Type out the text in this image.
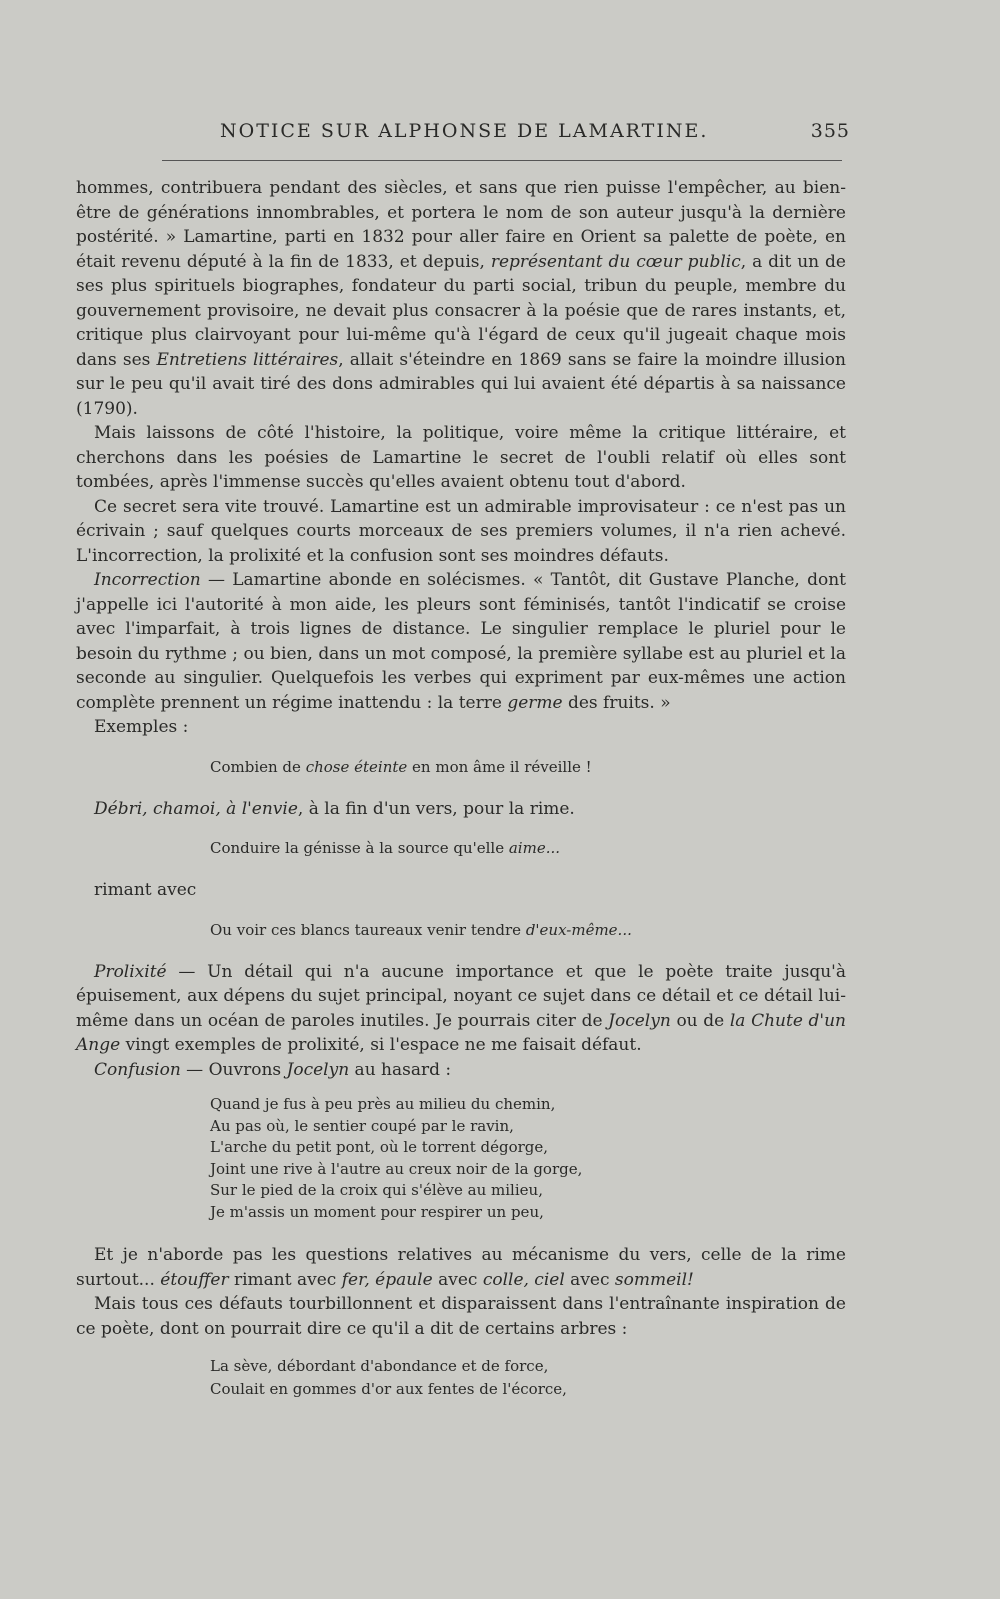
NOTICE SUR ALPHONSE DE LAMARTINE.	355

hommes, contribuera pendant des siècles, et sans que rien puisse l'empêcher, au bien-être de générations innombrables, et portera le nom de son auteur jusqu'à la dernière postérité. » Lamartine, parti en 1832 pour aller faire en Orient sa palette de poète, en était revenu député à la fin de 1833, et depuis, représentant du cœur public, a dit un de ses plus spirituels biographes, fondateur du parti social, tribun du peuple, membre du gouvernement provisoire, ne devait plus consacrer à la poésie que de rares instants, et, critique plus clairvoyant pour lui-même qu'à l'égard de ceux qu'il jugeait chaque mois dans ses Entretiens littéraires, allait s'éteindre en 1869 sans se faire la moindre illusion sur le peu qu'il avait tiré des dons admirables qui lui avaient été départis à sa naissance (1790).

Mais laissons de côté l'histoire, la politique, voire même la critique littéraire, et cherchons dans les poésies de Lamartine le secret de l'oubli relatif où elles sont tombées, après l'immense succès qu'elles avaient obtenu tout d'abord.

Ce secret sera vite trouvé. Lamartine est un admirable improvisateur : ce n'est pas un écrivain ; sauf quelques courts morceaux de ses premiers volumes, il n'a rien achevé. L'incorrection, la prolixité et la confusion sont ses moindres défauts.

Incorrection — Lamartine abonde en solécismes. « Tantôt, dit Gustave Planche, dont j'appelle ici l'autorité à mon aide, les pleurs sont féminisés, tantôt l'indicatif se croise avec l'imparfait, à trois lignes de distance. Le singulier remplace le pluriel pour le besoin du rythme ; ou bien, dans un mot composé, la première syllabe est au pluriel et la seconde au singulier. Quelquefois les verbes qui expriment par eux-mêmes une action complète prennent un régime inattendu : la terre germe des fruits. »

Exemples :

Combien de chose éteinte en mon âme il réveille !

Débri, chamoi, à l'envie, à la fin d'un vers, pour la rime.

Conduire la génisse à la source qu'elle aime...

rimant avec

Ou voir ces blancs taureaux venir tendre d'eux-même...

Prolixité — Un détail qui n'a aucune importance et que le poète traite jusqu'à épuisement, aux dépens du sujet principal, noyant ce sujet dans ce détail et ce détail lui-même dans un océan de paroles inutiles. Je pourrais citer de Jocelyn ou de la Chute d'un Ange vingt exemples de prolixité, si l'espace ne me faisait défaut.

Confusion — Ouvrons Jocelyn au hasard :

Quand je fus à peu près au milieu du chemin,
Au pas où, le sentier coupé par le ravin,
L'arche du petit pont, où le torrent dégorge,
Joint une rive à l'autre au creux noir de la gorge,
Sur le pied de la croix qui s'élève au milieu,
Je m'assis un moment pour respirer un peu,

Et je n'aborde pas les questions relatives au mécanisme du vers, celle de la rime surtout... étouffer rimant avec fer, épaule avec colle, ciel avec sommeil!

Mais tous ces défauts tourbillonnent et disparaissent dans l'entraînante inspiration de ce poète, dont on pourrait dire ce qu'il a dit de certains arbres :

La sève, débordant d'abondance et de force,
Coulait en gommes d'or aux fentes de l'écorce,
